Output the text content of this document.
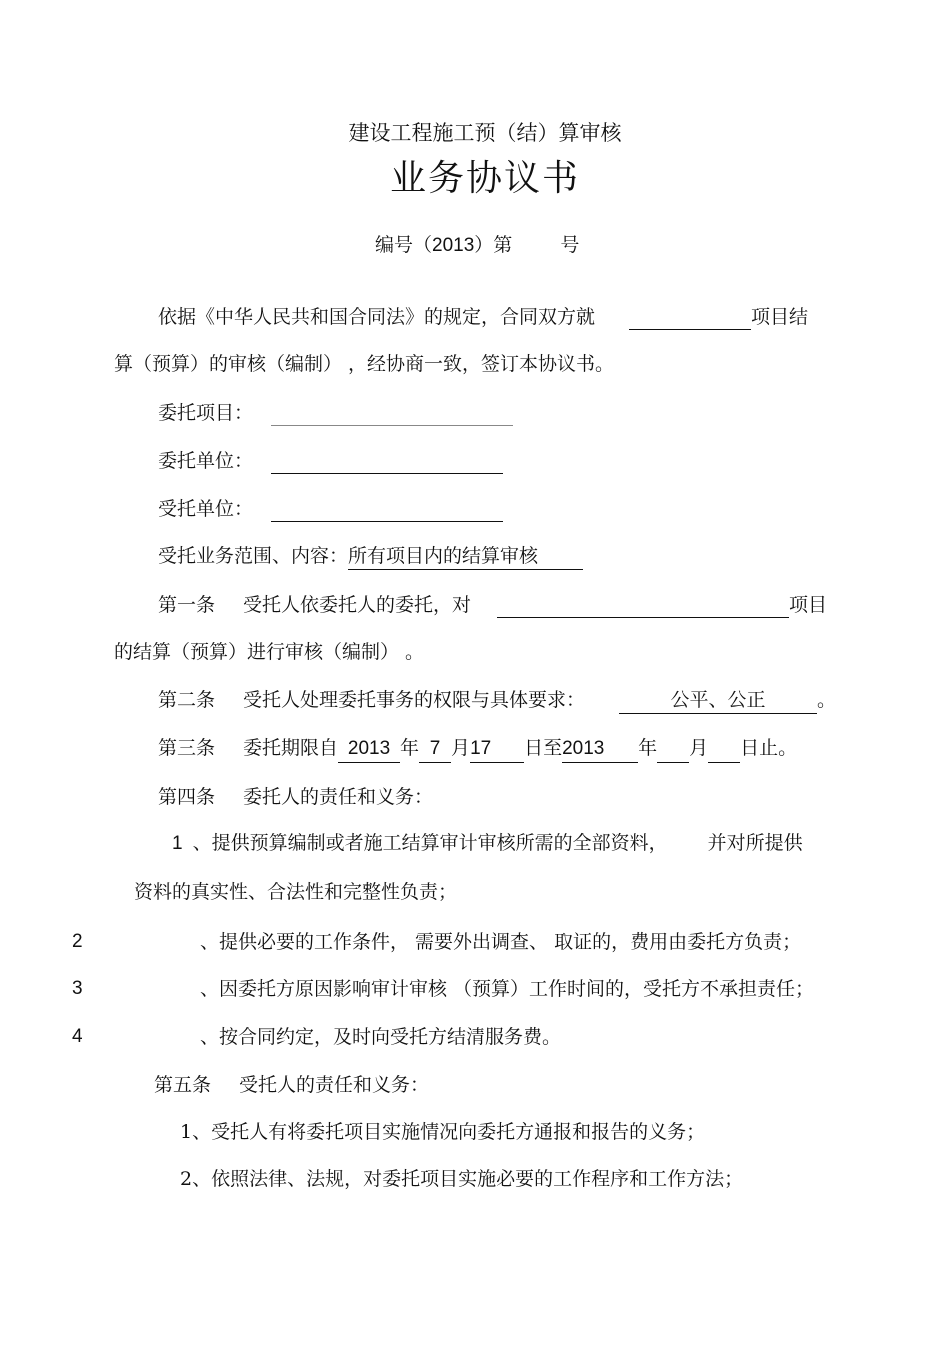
建设工程施工预（结）算审核
业务协议书
编号（2013）第	号
依据《中华人民共和国合同法》的规定，合同双方就	项目结
算（预算）的审核（编制） ，经协商一致，签订本协议书。
委托项目：
委托单位：
受托单位：
受托业务范围、内容：所有项目内的结算审核
第一条 受托人依委托人的委托，对	项目
的结算（预算）进行审核（编制） 。
第二条 受托人处理委托事务的权限与具体要求：	公平、公正	。
第三条 委托期限自 2013 年 7 月17 日至2013 年 月 日止。
第四条 委托人的责任和义务：
1 、提供预算编制或者施工结算审计审核所需的全部资料， 并对所提供
资料的真实性、合法性和完整性负责；
2	、提供必要的工作条件， 需要外出调查、 取证的，费用由委托方负责；
3	、因委托方原因影响审计审核 （预算）工作时间的，受托方不承担责任；
4	、按合同约定，及时向受托方结清服务费。
第五条 受托人的责任和义务：
1、受托人有将委托项目实施情况向委托方通报和报告的义务；
2、依照法律、法规，对委托项目实施必要的工作程序和工作方法；
